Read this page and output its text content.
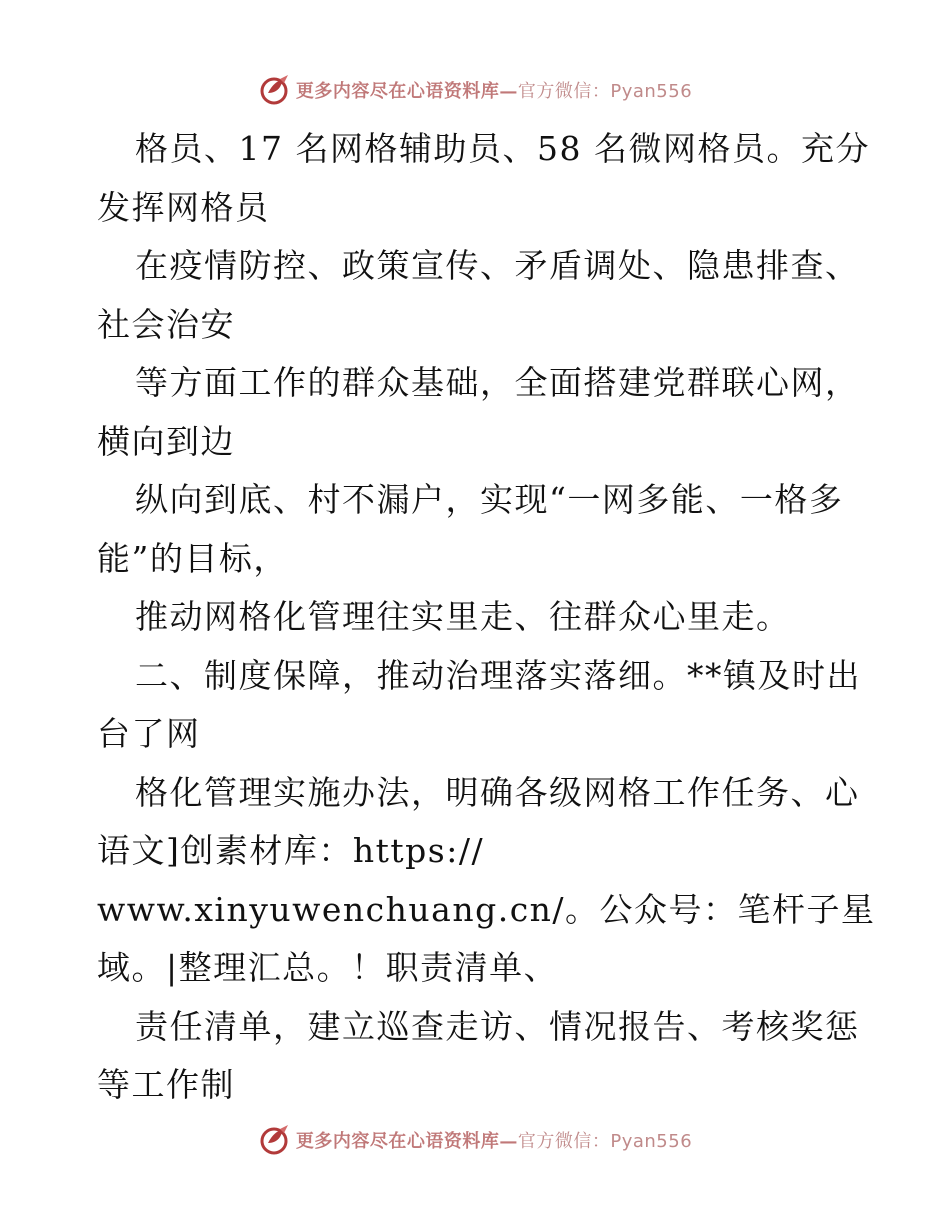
更多内容尽在心语资料库—官方微信：Pyan556
格员、17 名网格辅助员、58 名微网格员。充分
发挥网格员
在疫情防控、政策宣传、矛盾调处、隐患排查、
社会治安
等方面工作的群众基础，全面搭建党群联心网，
横向到边
纵向到底、村不漏户，实现“一网多能、一格多
能”的目标，
推动网格化管理往实里走、往群众心里走。
二、制度保障，推动治理落实落细。**镇及时出
台了网
格化管理实施办法，明确各级网格工作任务、心
语文]创素材库：https://
www.xinyuwenchuang.cn/。公众号：笔杆子星
域。|整理汇总。！职责清单、
责任清单，建立巡查走访、情况报告、考核奖惩
等工作制
更多内容尽在心语资料库—官方微信：Pyan556
